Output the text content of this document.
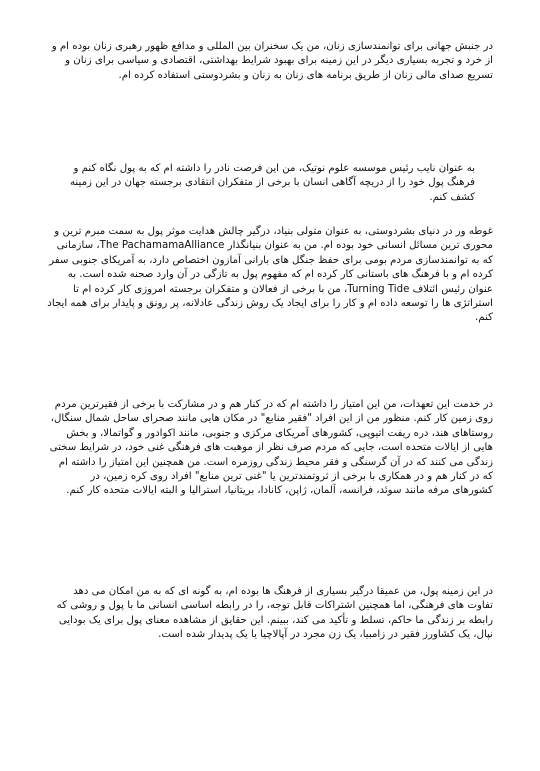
در جنبش جهانی برای توانمندسازی زنان، من یک سخنران بین المللی و مدافع ظهور رهبری زنان بوده ام و از خرد و تجربه بسیاری دیگر در این زمینه برای بهبود شرایط بهداشتی، اقتصادی و سیاسی برای زنان و تسریع صدای مالی زنان از طریق برنامه های زنان به زنان و بشردوستی استفاده کرده ام.

به عنوان نایب رئیس موسسه علوم نوتیک، من این فرصت نادر را داشته ام که به پول نگاه کنم و فرهنگ پول خود را از دریچه آگاهی انسان با برخی از متفکران انتقادی برجسته جهان در این زمینه کشف کنم.

غوطه ور در دنیای بشردوستی، به عنوان متولی بنیاد، درگیر چالش هدایت موثر پول به سمت مبرم ترین و محوری ترین مسائل انسانی خود بوده ام. من به عنوان بنیانگذار The PachamamaAlliance، سازمانی که به توانمندسازی مردم بومی برای حفظ جنگل های بارانی آمازون اختصاص دارد، به آمریکای جنوبی سفر کرده ام و با فرهنگ های باستانی کار کرده ام که مفهوم پول به تازگی در آن وارد صحنه شده است. به عنوان رئیس ائتلاف Turning Tide، من با برخی از فعالان و متفکران برجسته امروزی کار کرده ام تا استراتژی ها را توسعه داده ام و کار را برای ایجاد یک روش زندگی عادلانه، پر رونق و پایدار برای همه ایجاد کنم.

در خدمت این تعهدات، من این امتیاز را داشته ام که در کنار هم و در مشارکت با برخی از فقیرترین مردم روی زمین کار کنم. منظور من از این افراد "فقیر منابع" در مکان هایی مانند صحرای ساحل شمال سنگال، روستاهای هند، دره ریفت اتیوپی، کشورهای آمریکای مرکزی و جنوبی، مانند اکوادور و گواتمالا، و بخش هایی از ایالات متحده است، جایی که مردم صرف نظر از موهبت های فرهنگی غنی خود، در شرایط سختی زندگی می کنند که در آن گرسنگی و فقر محیط زندگی روزمره است. من همچنین این امتیاز را داشته ام که در کنار هم و در همکاری با برخی از ثروتمندترین یا "غنی ترین منابع" افراد روی کره زمین، در کشورهای مرفه مانند سوئد، فرانسه، آلمان، ژاپن، کانادا، بریتانیا، استرالیا و البته ایالات متحده کار کنم.

در این زمینه پول، من عمیقا درگیر بسیاری از فرهنگ ها بوده ام، به گونه ای که به من امکان می دهد تفاوت های فرهنگی، اما همچنین اشتراکات قابل توجه، را در رابطه اساسی انسانی ما با پول و روشی که رابطه بر زندگی ما حاکم، تسلط و تأکید می کند، ببینم. این حقایق از مشاهده معنای پول برای یک بودایی نپال، یک کشاورز فقیر در زامبیا، یک زن مجرد در آپالاچیا یا یک پدیدار شده است.
